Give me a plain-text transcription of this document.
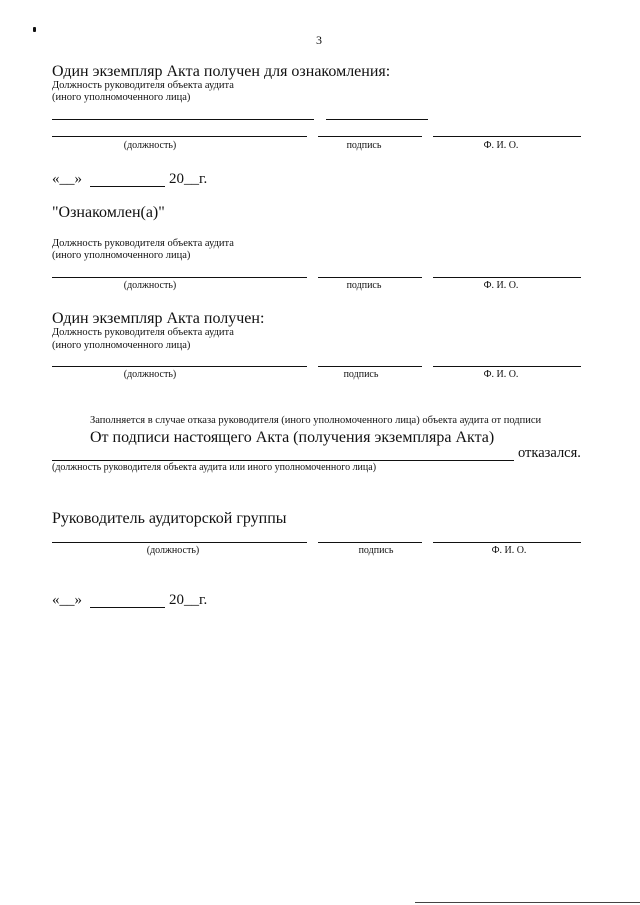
3
Один экземпляр Акта получен для ознакомления:
Должность руководителя объекта аудита
(иного уполномоченного лица)
(должность)	подпись	Ф. И. О.
«__»	20__г.
"Ознакомлен(а)"
Должность руководителя объекта аудита
(иного уполномоченного лица)
(должность)	подпись	Ф. И. О.
Один экземпляр Акта получен:
Должность руководителя объекта аудита
(иного уполномоченного лица)
(должность)	подпись	Ф. И. О.
Заполняется в случае отказа руководителя (иного уполномоченного лица) объекта аудита от подписи
От подписи настоящего Акта (получения экземпляра Акта)
отказался.
(должность руководителя объекта аудита или иного уполномоченного лица)
Руководитель аудиторской группы
(должность)	подпись	Ф. И. О.
«__»	20__г.
